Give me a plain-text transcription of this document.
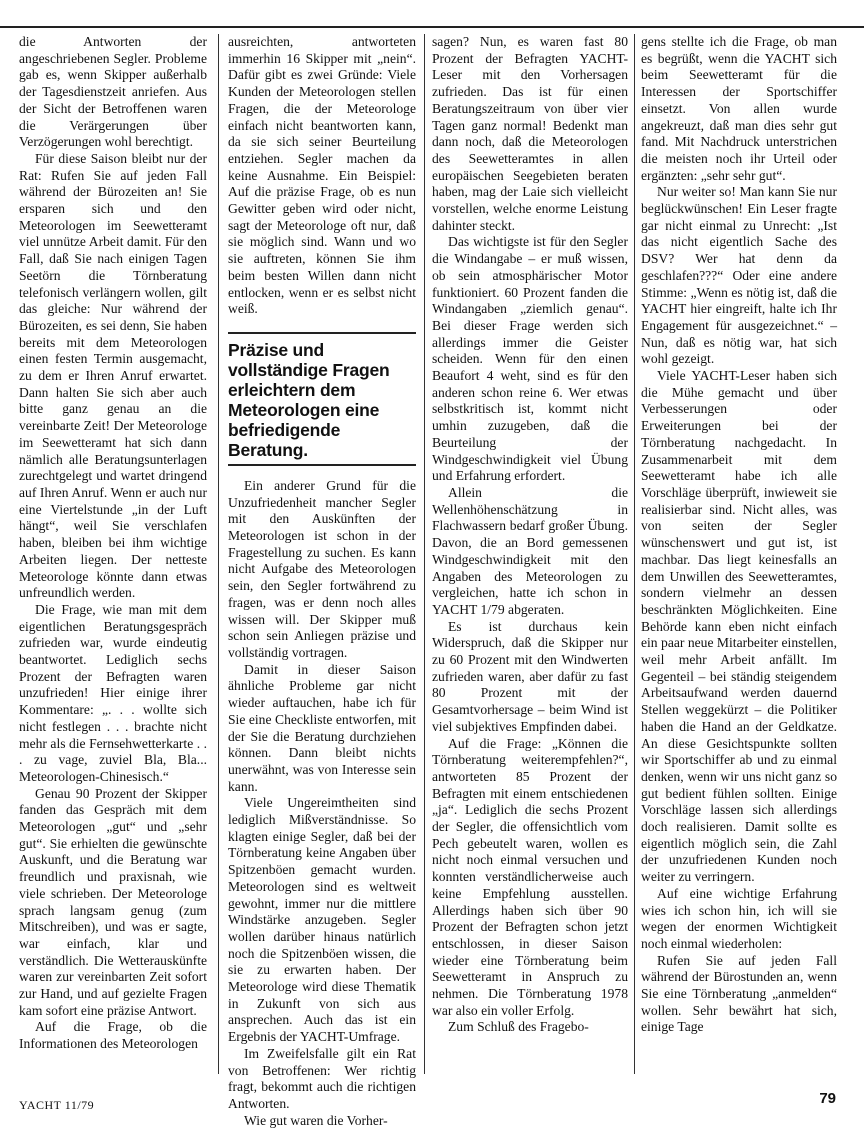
die Antworten der angeschriebenen Segler. Probleme gab es, wenn Skipper außerhalb der Tagesdienstzeit anriefen. Aus der Sicht der Betroffenen waren die Verärgerungen über Verzögerungen wohl berechtigt.

Für diese Saison bleibt nur der Rat: Rufen Sie auf jeden Fall während der Bürozeiten an! Sie ersparen sich und den Meteorologen im Seewetteramt viel unnütze Arbeit damit. Für den Fall, daß Sie nach einigen Tagen Seetörn die Törnberatung telefonisch verlängern wollen, gilt das gleiche: Nur während der Bürozeiten, es sei denn, Sie haben bereits mit dem Meteorologen einen festen Termin ausgemacht, zu dem er Ihren Anruf erwartet. Dann halten Sie sich aber auch bitte ganz genau an die vereinbarte Zeit! Der Meteorologe im Seewetteramt hat sich dann nämlich alle Beratungsunterlagen zurechtgelegt und wartet dringend auf Ihren Anruf. Wenn er auch nur eine Viertelstunde „in der Luft hängt“, weil Sie verschlafen haben, bleiben bei ihm wichtige Arbeiten liegen. Der netteste Meteorologe könnte dann etwas unfreundlich werden.

Die Frage, wie man mit dem eigentlichen Beratungsgespräch zufrieden war, wurde eindeutig beantwortet. Lediglich sechs Prozent der Befragten waren unzufrieden! Hier einige ihrer Kommentare: „. . . wollte sich nicht festlegen . . . brachte nicht mehr als die Fernsehwetterkarte . . . zu vage, zuviel Bla, Bla... Meteorologen-Chinesisch.“

Genau 90 Prozent der Skipper fanden das Gespräch mit dem Meteorologen „gut“ und „sehr gut“. Sie erhielten die gewünschte Auskunft, und die Beratung war freundlich und praxisnah, wie viele schrieben. Der Meteorologe sprach langsam genug (zum Mitschreiben), und was er sagte, war einfach, klar und verständlich. Die Wetterauskünfte waren zur vereinbarten Zeit sofort zur Hand, und auf gezielte Fragen kam sofort eine präzise Antwort.

Auf die Frage, ob die Informationen des Meteorologen

ausreichten, antworteten immerhin 16 Skipper mit „nein“. Dafür gibt es zwei Gründe: Viele Kunden der Meteorologen stellen Fragen, die der Meteorologe einfach nicht beantworten kann, da sie sich seiner Beurteilung entziehen. Segler machen da keine Ausnahme. Ein Beispiel: Auf die präzise Frage, ob es nun Gewitter geben wird oder nicht, sagt der Meteorologe oft nur, daß sie möglich sind. Wann und wo sie auftreten, können Sie ihm beim besten Willen dann nicht entlocken, wenn er es selbst nicht weiß.

Präzise und vollständige Fragen erleichtern dem Meteorologen eine befriedigende Beratung.

Ein anderer Grund für die Unzufriedenheit mancher Segler mit den Auskünften der Meteorologen ist schon in der Fragestellung zu suchen. Es kann nicht Aufgabe des Meteorologen sein, den Segler fortwährend zu fragen, was er denn noch alles wissen will. Der Skipper muß schon sein Anliegen präzise und vollständig vortragen.

Damit in dieser Saison ähnliche Probleme gar nicht wieder auftauchen, habe ich für Sie eine Checkliste entworfen, mit der Sie die Beratung durchziehen können. Dann bleibt nichts unerwähnt, was von Interesse sein kann.

Viele Ungereimtheiten sind lediglich Mißverständnisse. So klagten einige Segler, daß bei der Törnberatung keine Angaben über Spitzenböen gemacht wurden. Meteorologen sind es weltweit gewohnt, immer nur die mittlere Windstärke anzugeben. Segler wollen darüber hinaus natürlich noch die Spitzenböen wissen, die sie zu erwarten haben. Der Meteorologe wird diese Thematik in Zukunft von sich aus ansprechen. Auch das ist ein Ergebnis der YACHT-Umfrage.

Im Zweifelsfalle gilt ein Rat von Betroffenen: Wer richtig fragt, bekommt auch die richtigen Antworten.

Wie gut waren die Vorher-

sagen? Nun, es waren fast 80 Prozent der Befragten YACHT-Leser mit den Vorhersagen zufrieden. Das ist für einen Beratungszeitraum von über vier Tagen ganz normal! Bedenkt man dann noch, daß die Meteorologen des Seewetteramtes in allen europäischen Seegebieten beraten haben, mag der Laie sich vielleicht vorstellen, welche enorme Leistung dahinter steckt.

Das wichtigste ist für den Segler die Windangabe – er muß wissen, ob sein atmosphärischer Motor funktioniert. 60 Prozent fanden die Windangaben „ziemlich genau“. Bei dieser Frage werden sich allerdings immer die Geister scheiden. Wenn für den einen Beaufort 4 weht, sind es für den anderen schon reine 6. Wer etwas selbstkritisch ist, kommt nicht umhin zuzugeben, daß die Beurteilung der Windgeschwindigkeit viel Übung und Erfahrung erfordert.

Allein die Wellenhöhenschätzung in Flachwassern bedarf großer Übung. Davon, die an Bord gemessenen Windgeschwindigkeit mit den Angaben des Meteorologen zu vergleichen, hatte ich schon in YACHT 1/79 abgeraten.

Es ist durchaus kein Widerspruch, daß die Skipper nur zu 60 Prozent mit den Windwerten zufrieden waren, aber dafür zu fast 80 Prozent mit der Gesamtvorhersage – beim Wind ist viel subjektives Empfinden dabei.

Auf die Frage: „Können die Törnberatung weiterempfehlen?“, antworteten 85 Prozent der Befragten mit einem entschiedenen „ja“. Lediglich die sechs Prozent der Segler, die offensichtlich vom Pech gebeutelt waren, wollen es nicht noch einmal versuchen und konnten verständlicherweise auch keine Empfehlung ausstellen. Allerdings haben sich über 90 Prozent der Befragten schon jetzt entschlossen, in dieser Saison wieder eine Törnberatung beim Seewetteramt in Anspruch zu nehmen. Die Törnberatung 1978 war also ein voller Erfolg.

Zum Schluß des Fragebo-

gens stellte ich die Frage, ob man es begrüßt, wenn die YACHT sich beim Seewetteramt für die Interessen der Sportschiffer einsetzt. Von allen wurde angekreuzt, daß man dies sehr gut fand. Mit Nachdruck unterstrichen die meisten noch ihr Urteil oder ergänzten: „sehr sehr gut“.

Nur weiter so! Man kann Sie nur beglückwünschen! Ein Leser fragte gar nicht einmal zu Unrecht: „Ist das nicht eigentlich Sache des DSV? Wer hat denn da geschlafen???“ Oder eine andere Stimme: „Wenn es nötig ist, daß die YACHT hier eingreift, halte ich Ihr Engagement für ausgezeichnet.“ – Nun, daß es nötig war, hat sich wohl gezeigt.

Viele YACHT-Leser haben sich die Mühe gemacht und über Verbesserungen oder Erweiterungen bei der Törnberatung nachgedacht. In Zusammenarbeit mit dem Seewetteramt habe ich alle Vorschläge überprüft, inwieweit sie realisierbar sind. Nicht alles, was von seiten der Segler wünschenswert und gut ist, ist machbar. Das liegt keinesfalls an dem Unwillen des Seewetteramtes, sondern vielmehr an dessen beschränkten Möglichkeiten. Eine Behörde kann eben nicht einfach ein paar neue Mitarbeiter einstellen, weil mehr Arbeit anfällt. Im Gegenteil – bei ständig steigendem Arbeitsaufwand werden dauernd Stellen weggekürzt – die Politiker haben die Hand an der Geldkatze. An diese Gesichtspunkte sollten wir Sportschiffer ab und zu einmal denken, wenn wir uns nicht ganz so gut bedient fühlen sollten. Einige Vorschläge lassen sich allerdings doch realisieren. Damit sollte es eigentlich möglich sein, die Zahl der unzufriedenen Kunden noch weiter zu verringern.

Auf eine wichtige Erfahrung wies ich schon hin, ich will sie wegen der enormen Wichtigkeit noch einmal wiederholen:

Rufen Sie auf jeden Fall während der Bürostunden an, wenn Sie eine Törnberatung „anmelden“ wollen. Sehr bewährt hat sich, einige Tage

YACHT 11/79	79
